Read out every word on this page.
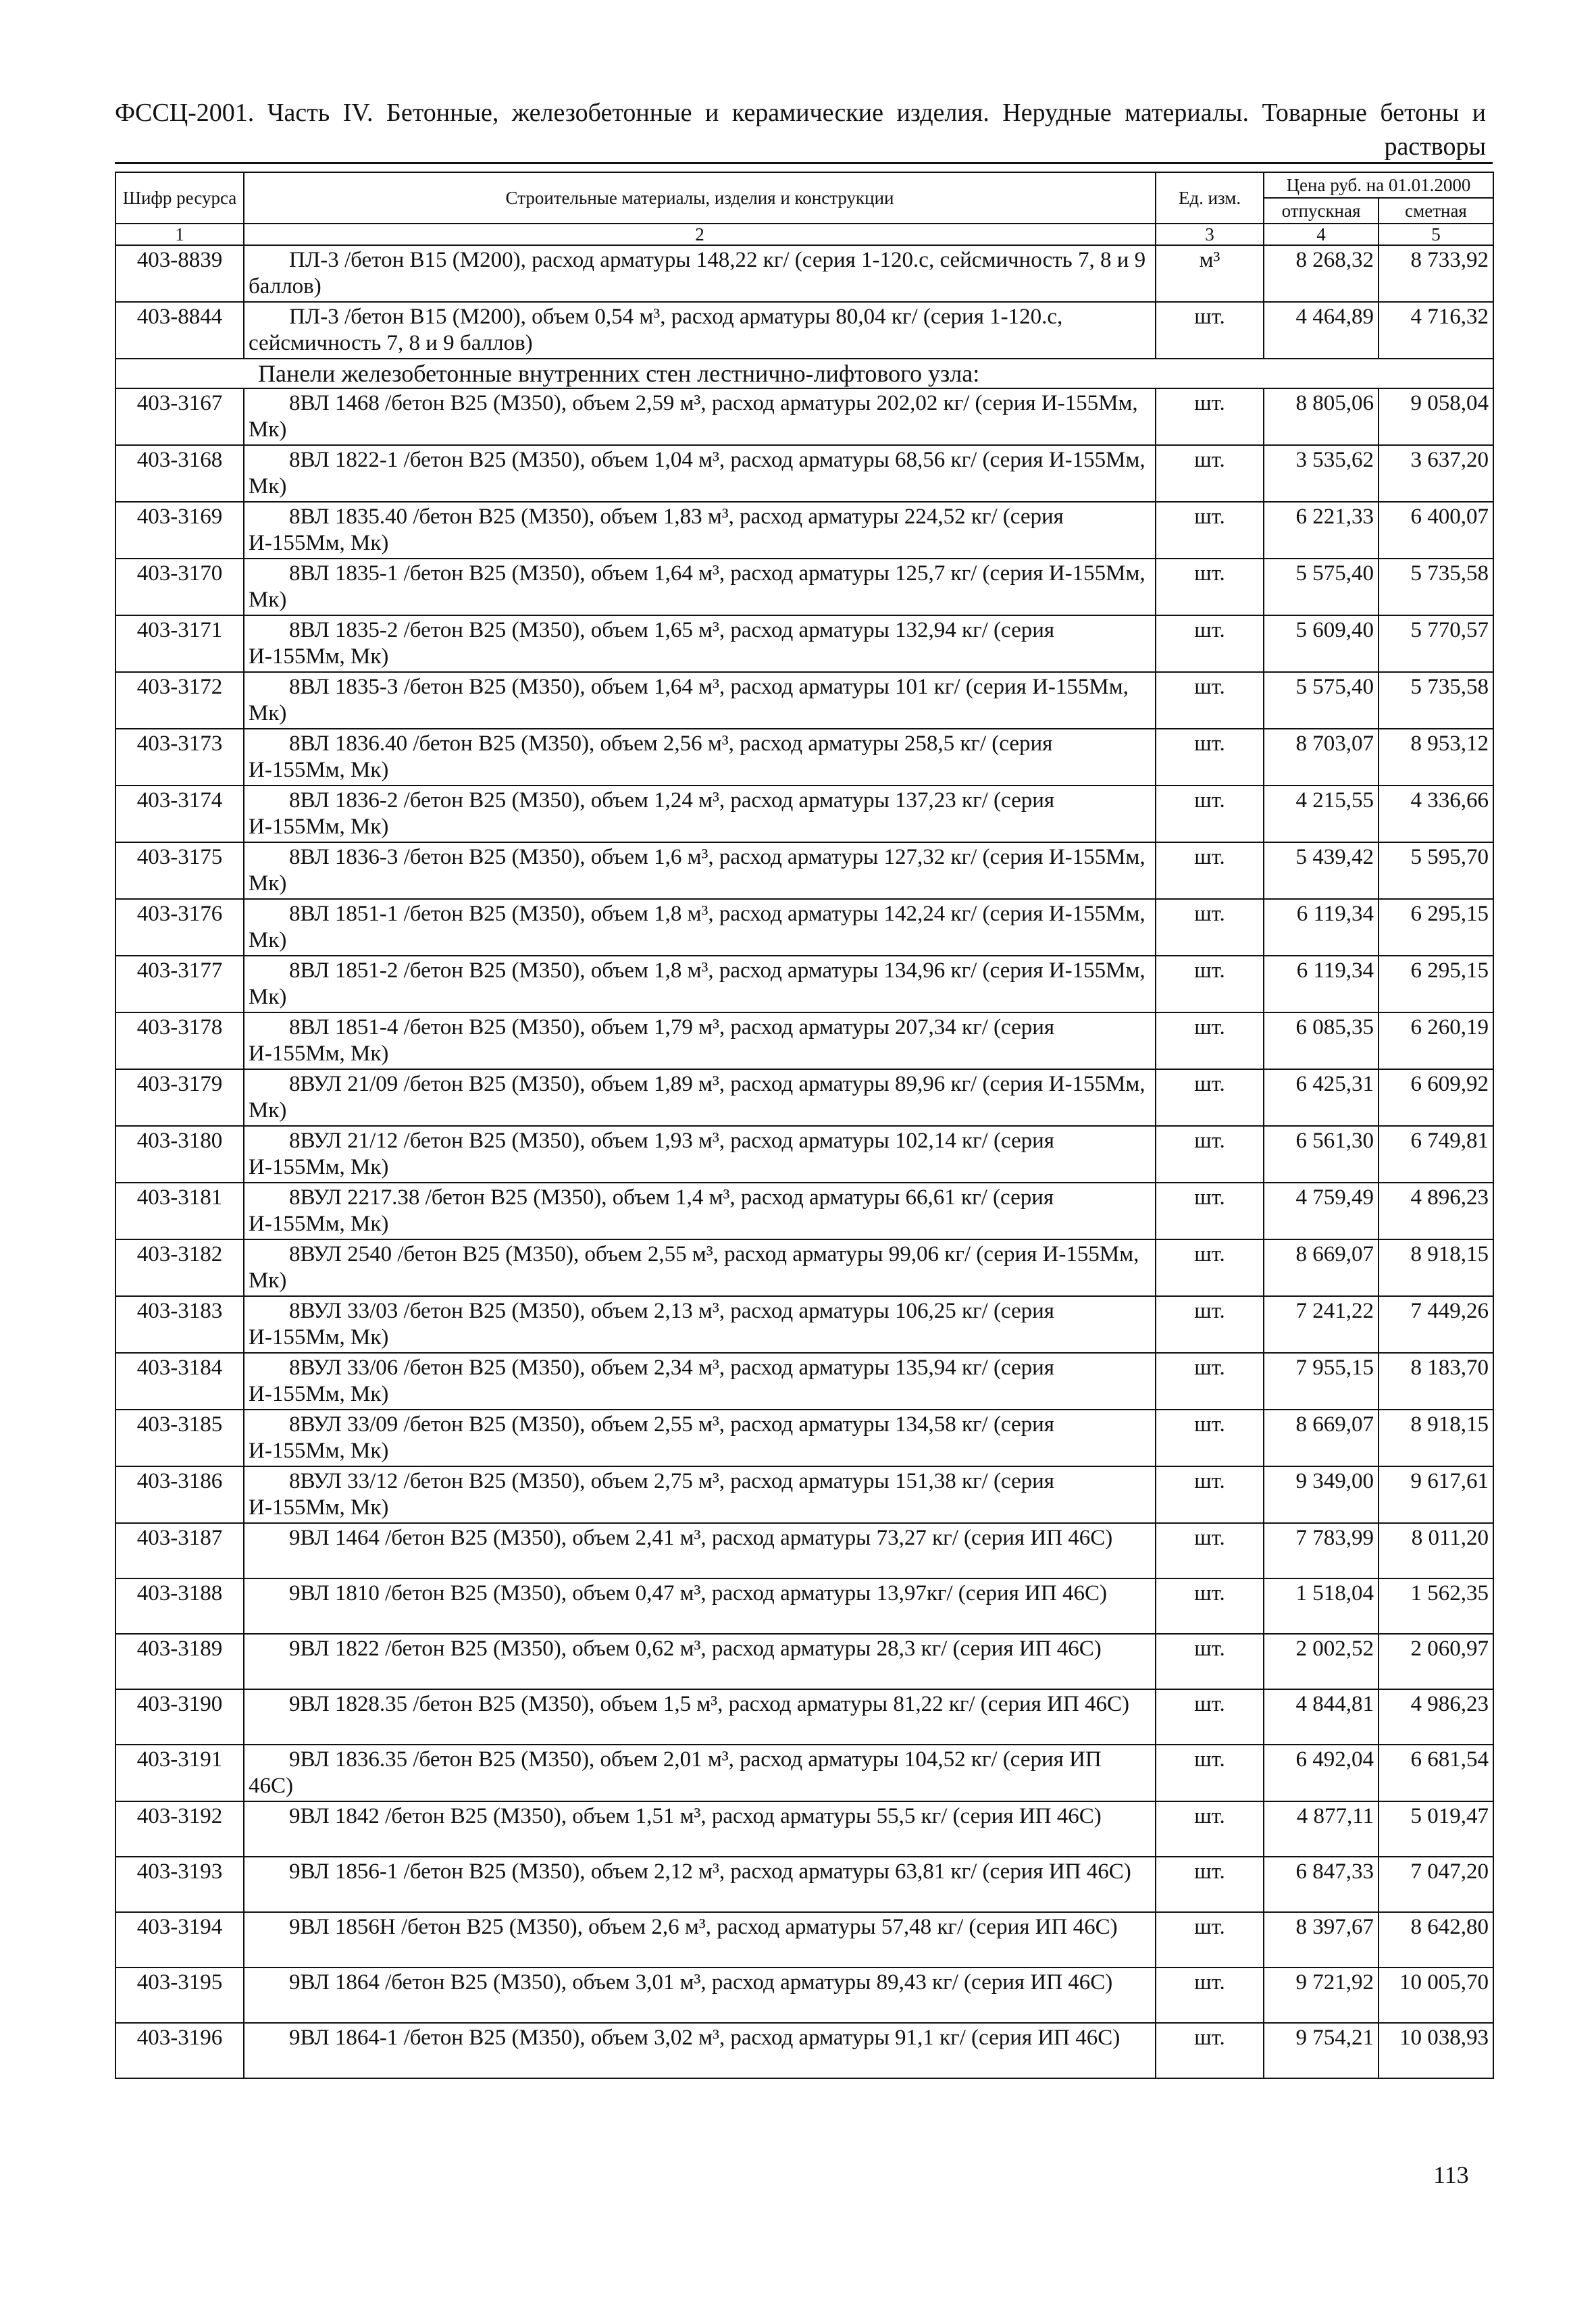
ФССЦ-2001. Часть IV. Бетонные, железобетонные и керамические изделия. Нерудные материалы. Товарные бетоны и растворы
Шифр ресурса	Строительные материалы, изделия и конструкции	Ед. изм.	Цена руб. на 01.01.2000	
			отпускная	сметная
1	2	3	4	5
403-8839	ПЛ-3 /бетон В15 (М200), расход арматуры 148,22 кг/ (серия 1-120.с, сейсмичность 7, 8 и 9 баллов)	м³	8 268,32	8 733,92
403-8844	ПЛ-3 /бетон В15 (М200), объем 0,54 м³, расход арматуры 80,04 кг/ (серия 1-120.с, сейсмичность 7, 8 и 9 баллов)	шт.	4 464,89	4 716,32
Панели железобетонные внутренних стен лестнично-лифтового узла:				
403-3167	8ВЛ 1468 /бетон В25 (М350), объем 2,59 м³, расход арматуры 202,02 кг/ (серия И-155Мм, Мк)	шт.	8 805,06	9 058,04
403-3168	8ВЛ 1822-1 /бетон В25 (М350), объем 1,04 м³, расход арматуры 68,56 кг/ (серия И-155Мм, Мк)	шт.	3 535,62	3 637,20
403-3169	8ВЛ 1835.40 /бетон В25 (М350), объем 1,83 м³, расход арматуры 224,52 кг/ (серия И-155Мм, Мк)	шт.	6 221,33	6 400,07
403-3170	8ВЛ 1835-1 /бетон В25 (М350), объем 1,64 м³, расход арматуры 125,7 кг/ (серия И-155Мм, Мк)	шт.	5 575,40	5 735,58
403-3171	8ВЛ 1835-2 /бетон В25 (М350), объем 1,65 м³, расход арматуры 132,94 кг/ (серия И-155Мм, Мк)	шт.	5 609,40	5 770,57
403-3172	8ВЛ 1835-3 /бетон В25 (М350), объем 1,64 м³, расход арматуры 101 кг/ (серия И-155Мм, Мк)	шт.	5 575,40	5 735,58
403-3173	8ВЛ 1836.40 /бетон В25 (М350), объем 2,56 м³, расход арматуры 258,5 кг/ (серия И-155Мм, Мк)	шт.	8 703,07	8 953,12
403-3174	8ВЛ 1836-2 /бетон В25 (М350), объем 1,24 м³, расход арматуры 137,23 кг/ (серия И-155Мм, Мк)	шт.	4 215,55	4 336,66
403-3175	8ВЛ 1836-3 /бетон В25 (М350), объем 1,6 м³, расход арматуры 127,32 кг/ (серия И-155Мм, Мк)	шт.	5 439,42	5 595,70
403-3176	8ВЛ 1851-1 /бетон В25 (М350), объем 1,8 м³, расход арматуры 142,24 кг/ (серия И-155Мм, Мк)	шт.	6 119,34	6 295,15
403-3177	8ВЛ 1851-2 /бетон В25 (М350), объем 1,8 м³, расход арматуры 134,96 кг/ (серия И-155Мм, Мк)	шт.	6 119,34	6 295,15
403-3178	8ВЛ 1851-4 /бетон В25 (М350), объем 1,79 м³, расход арматуры 207,34 кг/ (серия И-155Мм, Мк)	шт.	6 085,35	6 260,19
403-3179	8ВУЛ 21/09 /бетон В25 (М350), объем 1,89 м³, расход арматуры 89,96 кг/ (серия И-155Мм, Мк)	шт.	6 425,31	6 609,92
403-3180	8ВУЛ 21/12 /бетон В25 (М350), объем 1,93 м³, расход арматуры 102,14 кг/ (серия И-155Мм, Мк)	шт.	6 561,30	6 749,81
403-3181	8ВУЛ 2217.38 /бетон В25 (М350), объем 1,4 м³, расход арматуры 66,61 кг/ (серия И-155Мм, Мк)	шт.	4 759,49	4 896,23
403-3182	8ВУЛ 2540 /бетон В25 (М350), объем 2,55 м³, расход арматуры 99,06 кг/ (серия И-155Мм, Мк)	шт.	8 669,07	8 918,15
403-3183	8ВУЛ 33/03 /бетон В25 (М350), объем 2,13 м³, расход арматуры 106,25 кг/ (серия И-155Мм, Мк)	шт.	7 241,22	7 449,26
403-3184	8ВУЛ 33/06 /бетон В25 (М350), объем 2,34 м³, расход арматуры 135,94 кг/ (серия И-155Мм, Мк)	шт.	7 955,15	8 183,70
403-3185	8ВУЛ 33/09 /бетон В25 (М350), объем 2,55 м³, расход арматуры 134,58 кг/ (серия И-155Мм, Мк)	шт.	8 669,07	8 918,15
403-3186	8ВУЛ 33/12 /бетон В25 (М350), объем 2,75 м³, расход арматуры 151,38 кг/ (серия И-155Мм, Мк)	шт.	9 349,00	9 617,61
403-3187	9ВЛ 1464 /бетон В25 (М350), объем 2,41 м³, расход арматуры 73,27 кг/ (серия ИП 46С)	шт.	7 783,99	8 011,20
403-3188	9ВЛ 1810 /бетон В25 (М350), объем 0,47 м³, расход арматуры 13,97кг/ (серия ИП 46С)	шт.	1 518,04	1 562,35
403-3189	9ВЛ 1822 /бетон В25 (М350), объем 0,62 м³, расход арматуры 28,3 кг/ (серия ИП 46С)	шт.	2 002,52	2 060,97
403-3190	9ВЛ 1828.35 /бетон В25 (М350), объем 1,5 м³, расход арматуры 81,22 кг/ (серия ИП 46С)	шт.	4 844,81	4 986,23
403-3191	9ВЛ 1836.35 /бетон В25 (М350), объем 2,01 м³, расход арматуры 104,52 кг/ (серия ИП 46С)	шт.	6 492,04	6 681,54
403-3192	9ВЛ 1842 /бетон В25 (М350), объем 1,51 м³, расход арматуры 55,5 кг/ (серия ИП 46С)	шт.	4 877,11	5 019,47
403-3193	9ВЛ 1856-1 /бетон В25 (М350), объем 2,12 м³, расход арматуры 63,81 кг/ (серия ИП 46С)	шт.	6 847,33	7 047,20
403-3194	9ВЛ 1856Н /бетон В25 (М350), объем 2,6 м³, расход арматуры 57,48 кг/ (серия ИП 46С)	шт.	8 397,67	8 642,80
403-3195	9ВЛ 1864 /бетон В25 (М350), объем 3,01 м³, расход арматуры 89,43 кг/ (серия ИП 46С)	шт.	9 721,92	10 005,70
403-3196	9ВЛ 1864-1 /бетон В25 (М350), объем 3,02 м³, расход арматуры 91,1 кг/ (серия ИП 46С)	шт.	9 754,21	10 038,93
113
